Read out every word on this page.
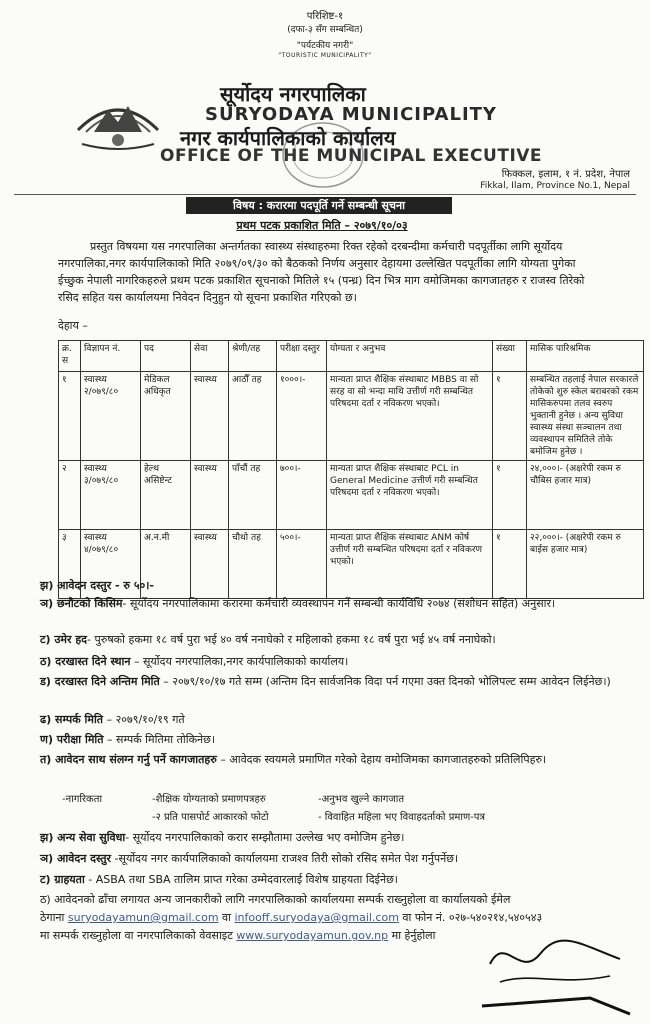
परिशिष्ट-१
(दफा-३ सँग सम्बन्धित)
"पर्यटकीय नगरी"
"TOURISTIC MUNICIPALITY"
सूर्योदय नगरपालिका
SURYODAYA MUNICIPALITY
नगर कार्यपालिकाको कार्यालय
OFFICE OF THE MUNICIPAL EXECUTIVE
फिक्कल, इलाम, १ नं. प्रदेश, नेपाल
Fikkal, Ilam, Province No.1, Nepal
विषय : करारमा पदपूर्ति गर्ने सम्बन्धी सूचना
प्रथम पटक प्रकाशित मिति – २०७९/१०/०३
प्रस्तुत विषयमा यस नगरपालिका अन्तर्गतका स्वास्थ्य संस्थाहरुमा रिक्त रहेको दरबन्दीमा कर्मचारी पदपूर्तीका लागि सूर्योदय नगरपालिका,नगर कार्यपालिकाको मिति २०७९/०९/३० को बैठकको निर्णय अनुसार देहायमा उल्लेखित पदपूर्तीका लागि योग्यता पुगेका ईच्छुक नेपाली नागरिकहरुले प्रथम पटक प्रकाशित सूचनाको मितिले १५ (पन्ध्र) दिन भित्र माग वमोजिमका कागजातहरु र राजस्व तिरेको रसिद सहित यस कार्यालयमा निवेदन दिनुहुन यो सूचना प्रकाशित गरिएको छ।
देहाय –
क्र. स	विज्ञापन नं.	पद	सेवा	श्रेणी/तह	परीक्षा दस्तुर	योग्यता र अनुभव	संख्या	मासिक पारिश्रमिक
१	स्वास्थ्य २/०७९/८०	मेडिकल अधिकृत	स्वास्थ्य	आठौँ तह	१०००।-	मान्यता प्राप्त शैक्षिक संस्थाबाट MBBS वा सो सरह वा सो भन्दा माथि उत्तीर्ण गरी सम्बन्धित परिषदमा दर्ता र नविकरण भएको।	१	सम्बन्धित तहलाई नेपाल सरकारले तोकेको शुरु स्केल बराबरको रकम मासिकरुपमा तलव स्वरुप भुक्तानी हुनेछ । अन्य सुविधा स्वास्थ्य संस्था सञ्चालन तथा व्यवस्थापन समितिले तोके बमोजिम हुनेछ ।
२	स्वास्थ्य ३/०७९/८०	हेल्थ असिष्टेन्ट	स्वास्थ्य	पाँचौं तह	७००।-	मान्यता प्राप्त शैक्षिक संस्थाबाट PCL in General Medicine उत्तीर्ण गरी सम्बन्धित परिषदमा दर्ता र नविकरण भएको।	१	२४,०००।- (अक्षरेपी रकम रु चौबिस हजार मात्र)
३	स्वास्थ्य ४/०७९/८०	अ.न.मी	स्वास्थ्य	चौथो तह	५००।-	मान्यता प्राप्त शैक्षिक संस्थाबाट ANM कोर्ष उत्तीर्ण गरी सम्बन्धित परिषदमा दर्ता र नविकरण भएको।	१	२२,०००।- (अक्षरेपी रकम रु बाईस हजार मात्र)
झ) आवेदन दस्तुर - रु ५०।-
ञ) छनौटको किसिम- सूर्योदय नगरपालिकामा करारमा कर्मचारी व्यवस्थापन गर्ने सम्बन्धी कार्यविधि २०७४ (संशोधन सहित) अनुसार।
ट) उमेर हद- पुरुषको हकमा १८ वर्ष पुरा भई ४० वर्ष ननाघेको र महिलाको हकमा १८ वर्ष पुरा भई ४५ वर्ष ननाघेको।
ठ) दरखास्त दिने स्थान – सूर्योदय नगरपालिका,नगर कार्यपालिकाको कार्यालय।
ड) दरखास्त दिने अन्तिम मिति – २०७९/१०/१७ गते सम्म (अन्तिम दिन सार्वजनिक विदा पर्न गएमा उक्त दिनको भोलिपल्ट सम्म आवेदन लिईनेछ।)
ढ) सम्पर्क मिति – २०७९/१०/१९ गते
ण) परीक्षा मिति – सम्पर्क मितिमा तोकिनेछ।
त) आवेदन साथ संलग्न गर्नु पर्ने कागजातहरु – आवेदक स्वयमले प्रमाणित गरेको देहाय वमोजिमका कागजातहरुको प्रतिलिपिहरु।
-नागरिकता	-शैक्षिक योग्यताको प्रमाणपत्रहरु	-अनुभव खुल्ने कागजात
-२ प्रति पासपोर्ट आकारको फोटो	- विवाहित महिला भए विवाहदर्ताको प्रमाण-पत्र
झ) अन्य सेवा सुविधा- सूर्योदय नगरपालिकाको करार सम्झौतामा उल्लेख भए वमोजिम हुनेछ।
ञ) आवेदन दस्तुर -सूर्योदय नगर कार्यपालिकाको कार्यालयमा राजश्व तिरी सोको रसिद समेत पेश गर्नुपर्नेछ।
ट) ग्राहयता - ASBA तथा SBA तालिम प्राप्त गरेका उम्मेदवारलाई विशेष ग्राहयता दिईनेछ।
ठ) आवेदनको ढाँचा लगायत अन्य जानकारीको लागि नगरपालिकाको कार्यालयमा सम्पर्क राख्नुहोला वा कार्यालयको ईमेल
ठेगाना suryodayamun@gmail.com वा infooff.suryodaya@gmail.com वा फोन नं. ०२७-५४०२१४,५४०५४३
मा सम्पर्क राख्नुहोला वा नगरपालिकाको वेवसाइट www.suryodayamun.gov.np मा हेर्नुहोला
